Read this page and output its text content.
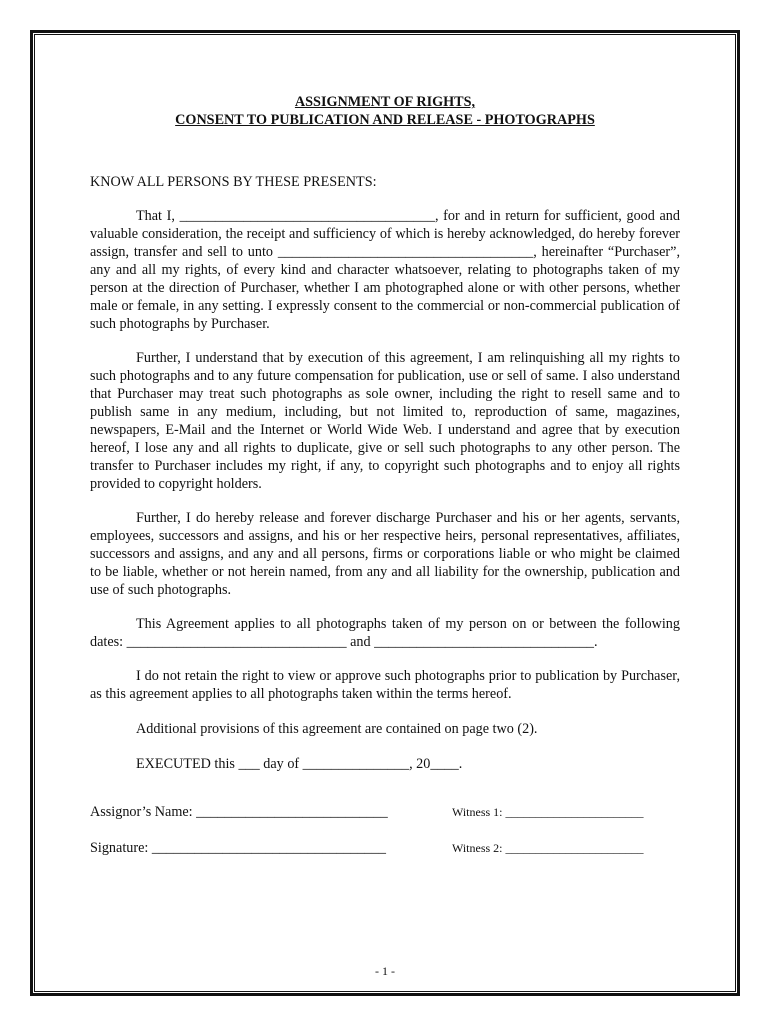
ASSIGNMENT OF RIGHTS,

CONSENT TO PUBLICATION AND RELEASE - PHOTOGRAPHS

KNOW ALL PERSONS BY THESE PRESENTS:

That I, ____________________________________, for and in return for sufficient, good and valuable consideration, the receipt and sufficiency of which is hereby acknowledged, do hereby forever assign, transfer and sell to unto ____________________________________, hereinafter “Purchaser”, any and all my rights, of every kind and character whatsoever, relating to photographs taken of my person at the direction of Purchaser, whether I am photographed alone or with other persons, whether male or female, in any setting. I expressly consent to the commercial or non-commercial publication of such photographs by Purchaser.

Further, I understand that by execution of this agreement, I am relinquishing all my rights to such photographs and to any future compensation for publication, use or sell of same. I also understand that Purchaser may treat such photographs as sole owner, including the right to resell same and to publish same in any medium, including, but not limited to, reproduction of same, magazines, newspapers, E-Mail and the Internet or World Wide Web. I understand and agree that by execution hereof, I lose any and all rights to duplicate, give or sell such photographs to any other person. The transfer to Purchaser includes my right, if any, to copyright such photographs and to enjoy all rights provided to copyright holders.

Further, I do hereby release and forever discharge Purchaser and his or her agents, servants, employees, successors and assigns, and his or her respective heirs, personal representatives, affiliates, successors and assigns, and any and all persons, firms or corporations liable or who might be claimed to be liable, whether or not herein named, from any and all liability for the ownership, publication and use of such photographs.

This Agreement applies to all photographs taken of my person on or between the following dates: _______________________________ and _______________________________.

I do not retain the right to view or approve such photographs prior to publication by Purchaser, as this agreement applies to all photographs taken within the terms hereof.

Additional provisions of this agreement are contained on page two (2).

EXECUTED this ___ day of _______________, 20____.

Assignor’s Name: ___________________________	Witness 1: _______________________
Signature: _________________________________	Witness 2: _______________________
- 1 -
